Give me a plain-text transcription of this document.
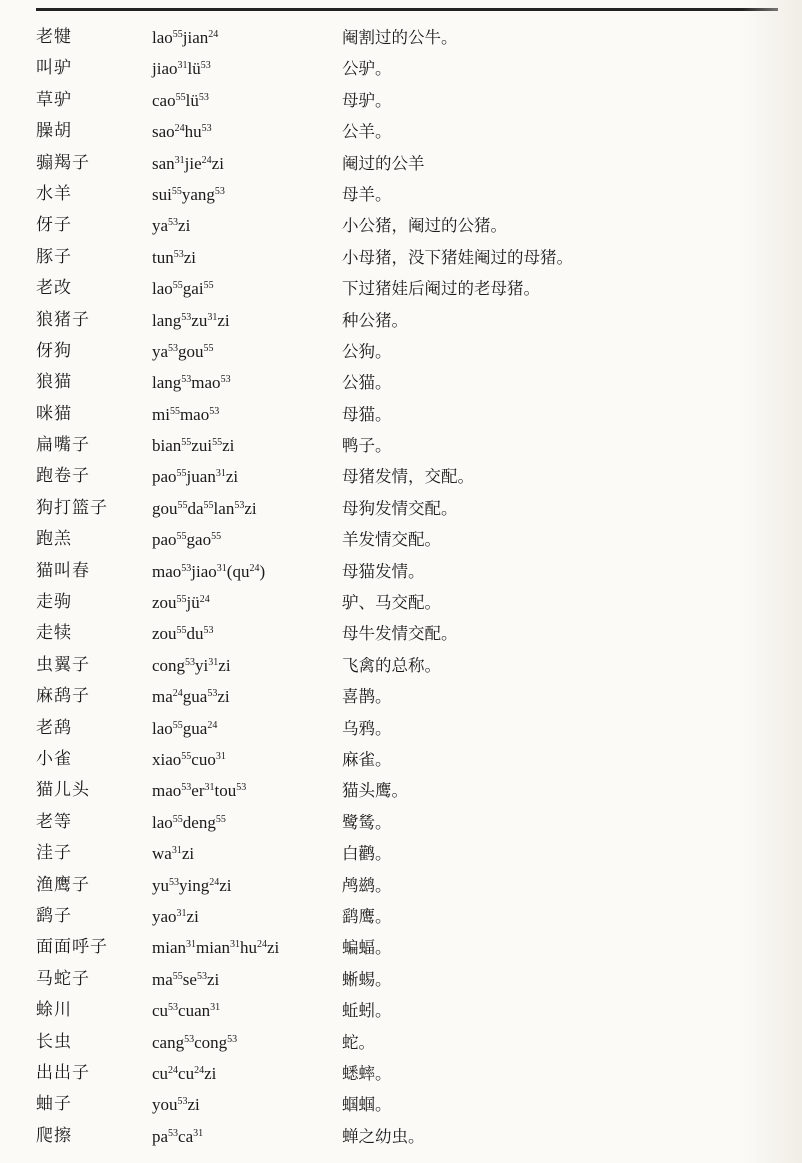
老犍	lao$^{55}$jian$^{24}$	阉割过的公牛。
叫驴	$jiao^{31}lü^{53}$	公驴。
草驴	$cao^{55}lü^{53}$	母驴。
臊胡	$sao^{24}hu^{53}$	公羊。
骟羯子	san$^{31}$jie$^{24}$zi	阉过的公羊
水羊	sui$^{55}$yang$^{53}$	母羊。
伢子	$ya^{53}zi$	小公猪，阉过的公猪。
豚子	tun$^{53}$zi	小母猪，没下猪娃阉过的母猪。
老改	lao$^{55}$gai$^{55}$	下过猪娃后阉过的老母猪。
狼猪子	$lang^{53}zu^{31}zi$	种公猪。
伢狗	$ya^{53}gou^{55}$	公狗。
狼猫	lang$^{53}$mao$^{53}$	公猫。
咪猫	$mi^{55}mao^{53}$	母猫。
扁嘴子	bian$^{55}$zui$^{55}$zi	鸭子。
跑卷子	pao$^{55}$juan$^{31}$zi	母猪发情，交配。
狗打篮子	$gou^{55}da^{55}lan^{53}zi$	母狗发情交配。
跑羔	pao$^{55}$gao$^{55}$	羊发情交配。
猫叫春	$mao^{53}jiao^{31}(qu^{24})$	母猫发情。
走驹	$zou^{55}jü^{24}$	驴、马交配。
走犊	$zou^{55}du^{53}$	母牛发情交配。
虫翼子	$cong^{53}yi^{31}zi$	飞禽的总称。
麻鸹子	$ma^{24}gua^{53}zi$	喜鹊。
老鸹	lao$^{55}$gua$^{24}$	乌鸦。
小雀	xiao$^{55}$cuo$^{31}$	麻雀。
猫儿头	$mao^{53}er^{31}tou^{53}$	猫头鹰。
老等	lao$^{55}$deng$^{55}$	鹭鸶。
洼子	$wa^{31}zi$	白鹳。
渔鹰子	$yu^{53}ying^{24}zi$	鸬鹚。
鹞子	yao$^{31}$zi	鹞鹰。
面面呼子	$mian^{31}mian^{31}hu^{24}zi$	蝙蝠。
马蛇子	$ma^{55}se^{53}zi$	蜥蜴。
蜍川	$cu^{53}cuan^{31}$	蚯蚓。
长虫	cang$^{53}$cong$^{53}$	蛇。
出出子	$cu^{24}cu^{24}zi$	蟋蟀。
蚰子	you$^{53}$zi	蝈蝈。
爬擦	$pa^{53}ca^{31}$	蝉之幼虫。
